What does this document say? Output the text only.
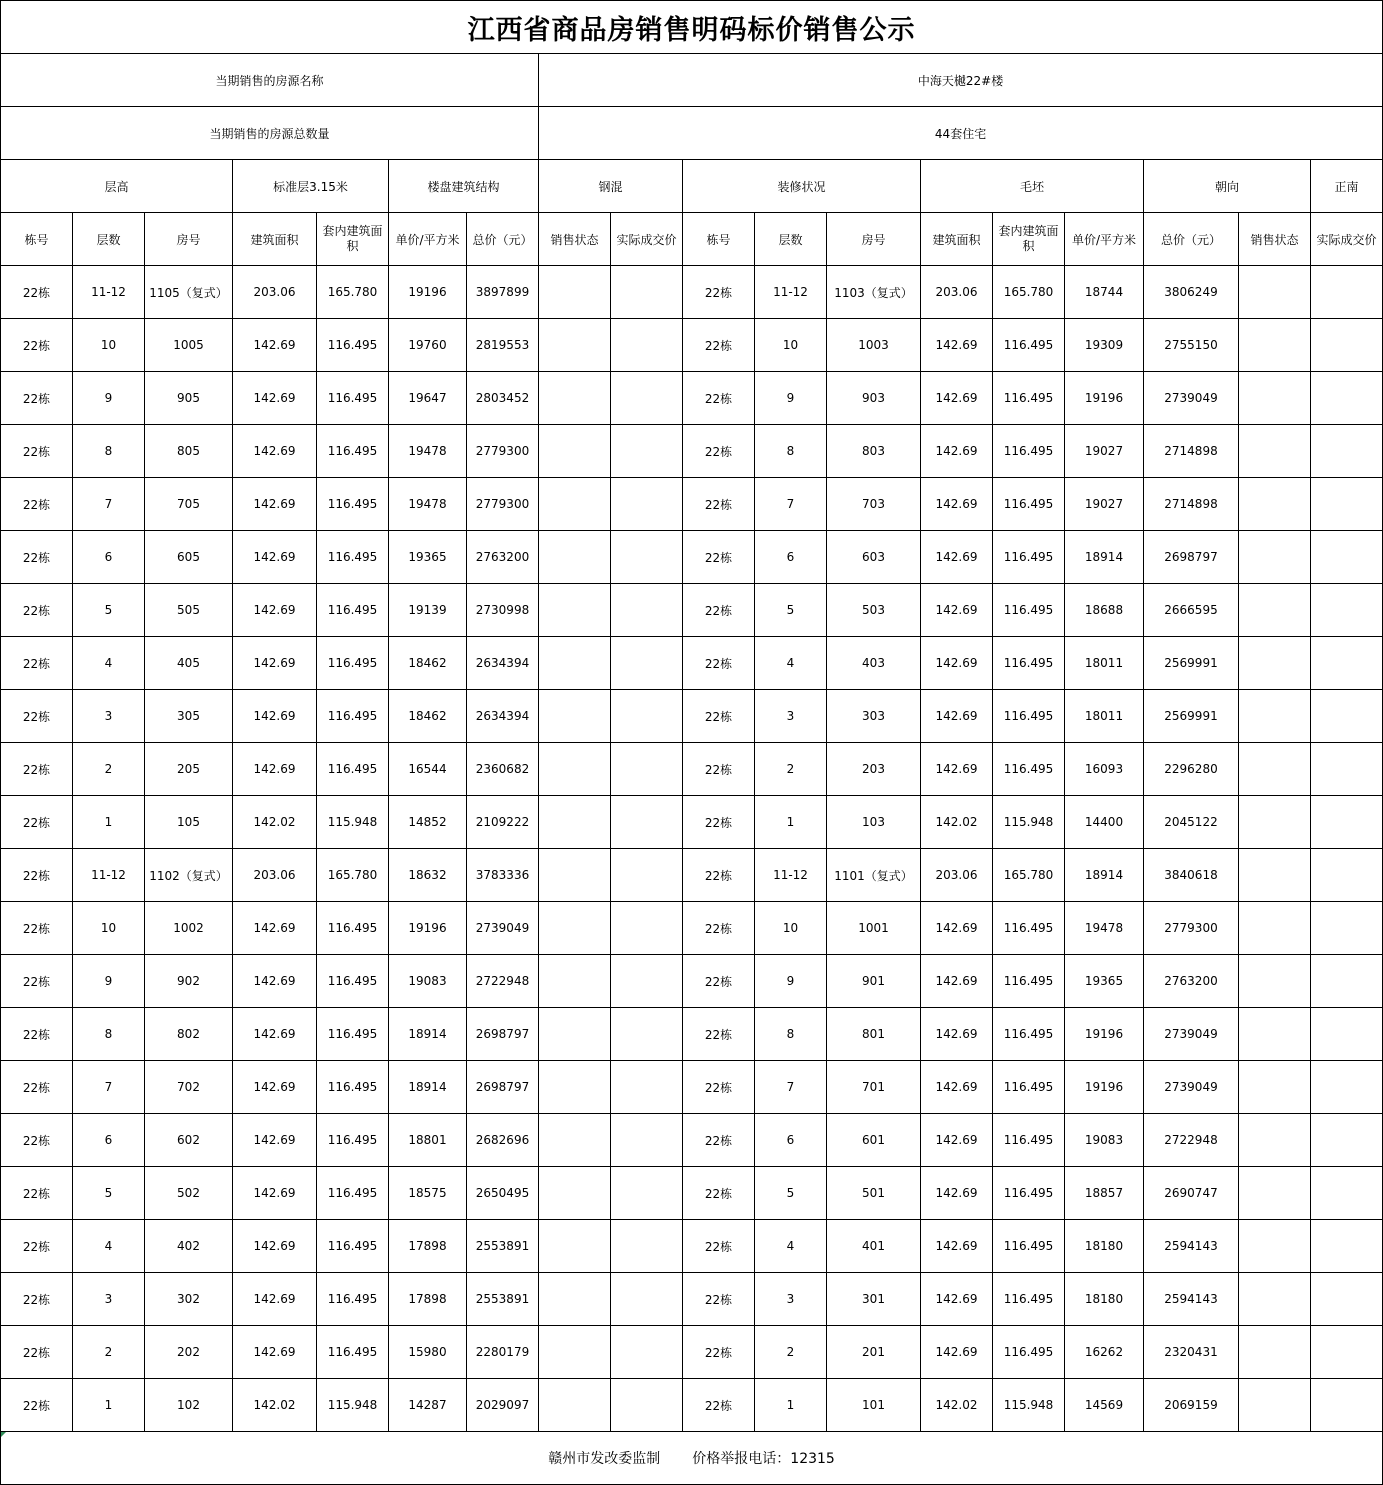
江西省商品房销售明码标价销售公示																	
当期销售的房源名称							中海天樾22#楼										
当期销售的房源总数量							44套住宅										
层高			标准层3.15米		楼盘建筑结构		钢混		装修状况			毛坯			朝向		正南
栋号	层数	房号	建筑面积	套内建筑面积	单价/平方米	总价（元）	销售状态	实际成交价	栋号	层数	房号	建筑面积	套内建筑面积	单价/平方米	总价（元）	销售状态	实际成交价
22栋	11-12	1105（复式）	203.06	165.780	19196	3897899			22栋	11-12	1103（复式）	203.06	165.780	18744	3806249		
22栋	10	1005	142.69	116.495	19760	2819553			22栋	10	1003	142.69	116.495	19309	2755150		
22栋	9	905	142.69	116.495	19647	2803452			22栋	9	903	142.69	116.495	19196	2739049		
22栋	8	805	142.69	116.495	19478	2779300			22栋	8	803	142.69	116.495	19027	2714898		
22栋	7	705	142.69	116.495	19478	2779300			22栋	7	703	142.69	116.495	19027	2714898		
22栋	6	605	142.69	116.495	19365	2763200			22栋	6	603	142.69	116.495	18914	2698797		
22栋	5	505	142.69	116.495	19139	2730998			22栋	5	503	142.69	116.495	18688	2666595		
22栋	4	405	142.69	116.495	18462	2634394			22栋	4	403	142.69	116.495	18011	2569991		
22栋	3	305	142.69	116.495	18462	2634394			22栋	3	303	142.69	116.495	18011	2569991		
22栋	2	205	142.69	116.495	16544	2360682			22栋	2	203	142.69	116.495	16093	2296280		
22栋	1	105	142.02	115.948	14852	2109222			22栋	1	103	142.02	115.948	14400	2045122		
22栋	11-12	1102（复式）	203.06	165.780	18632	3783336			22栋	11-12	1101（复式）	203.06	165.780	18914	3840618		
22栋	10	1002	142.69	116.495	19196	2739049			22栋	10	1001	142.69	116.495	19478	2779300		
22栋	9	902	142.69	116.495	19083	2722948			22栋	9	901	142.69	116.495	19365	2763200		
22栋	8	802	142.69	116.495	18914	2698797			22栋	8	801	142.69	116.495	19196	2739049		
22栋	7	702	142.69	116.495	18914	2698797			22栋	7	701	142.69	116.495	19196	2739049		
22栋	6	602	142.69	116.495	18801	2682696			22栋	6	601	142.69	116.495	19083	2722948		
22栋	5	502	142.69	116.495	18575	2650495			22栋	5	501	142.69	116.495	18857	2690747		
22栋	4	402	142.69	116.495	17898	2553891			22栋	4	401	142.69	116.495	18180	2594143		
22栋	3	302	142.69	116.495	17898	2553891			22栋	3	301	142.69	116.495	18180	2594143		
22栋	2	202	142.69	116.495	15980	2280179			22栋	2	201	142.69	116.495	16262	2320431		
22栋	1	102	142.02	115.948	14287	2029097			22栋	1	101	142.02	115.948	14569	2069159		
赣州市发改委监制 价格举报电话：12315																	
